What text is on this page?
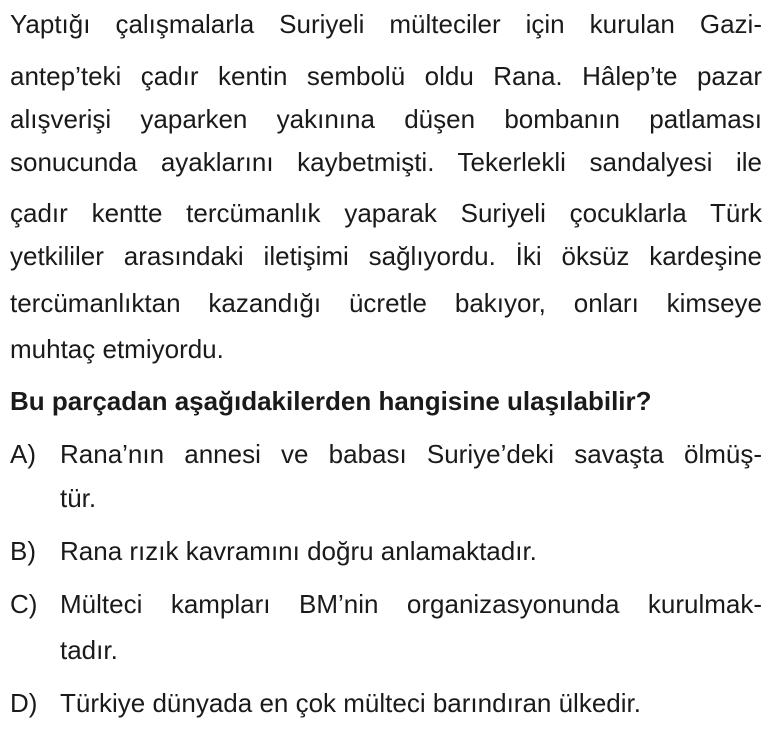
Yaptığı çalışmalarla Suriyeli mülteciler için kurulan Gazi-
antep’teki çadır kentin sembolü oldu Rana. Hâlep’te pazar
alışverişi yaparken yakınına düşen bombanın patlaması
sonucunda ayaklarını kaybetmişti. Tekerlekli sandalyesi ile
çadır kentte tercümanlık yaparak Suriyeli çocuklarla Türk
yetkililer arasındaki iletişimi sağlıyordu. İki öksüz kardeşine
tercümanlıktan kazandığı ücretle bakıyor, onları kimseye
muhtaç etmiyordu.
Bu parçadan aşağıdakilerden hangisine ulaşılabilir?
A) Rana’nın annesi ve babası Suriye’deki savaşta ölmüş-
tür.
B) Rana rızık kavramını doğru anlamaktadır.
C) Mülteci kampları BM’nin organizasyonunda kurulmak-
tadır.
D) Türkiye dünyada en çok mülteci barındıran ülkedir.
